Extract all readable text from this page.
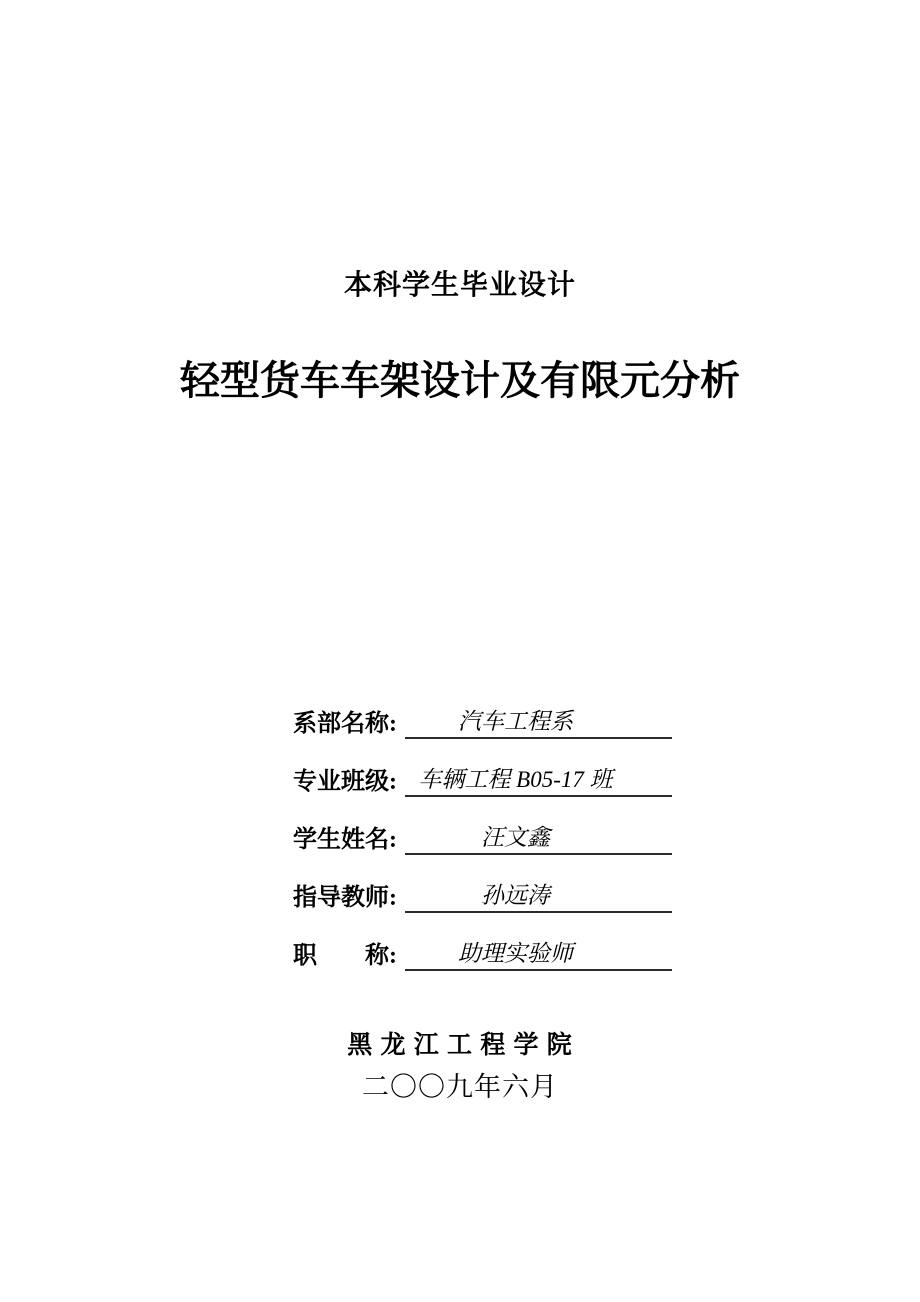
本科学生毕业设计
轻型货车车架设计及有限元分析
系部名称:	汽车工程系
专业班级: 车辆工程 B05-17 班
学生姓名:	汪文鑫
指导教师:	孙远涛
职　　称:	助理实验师
黑 龙 江 工 程 学 院
二〇〇九年六月
